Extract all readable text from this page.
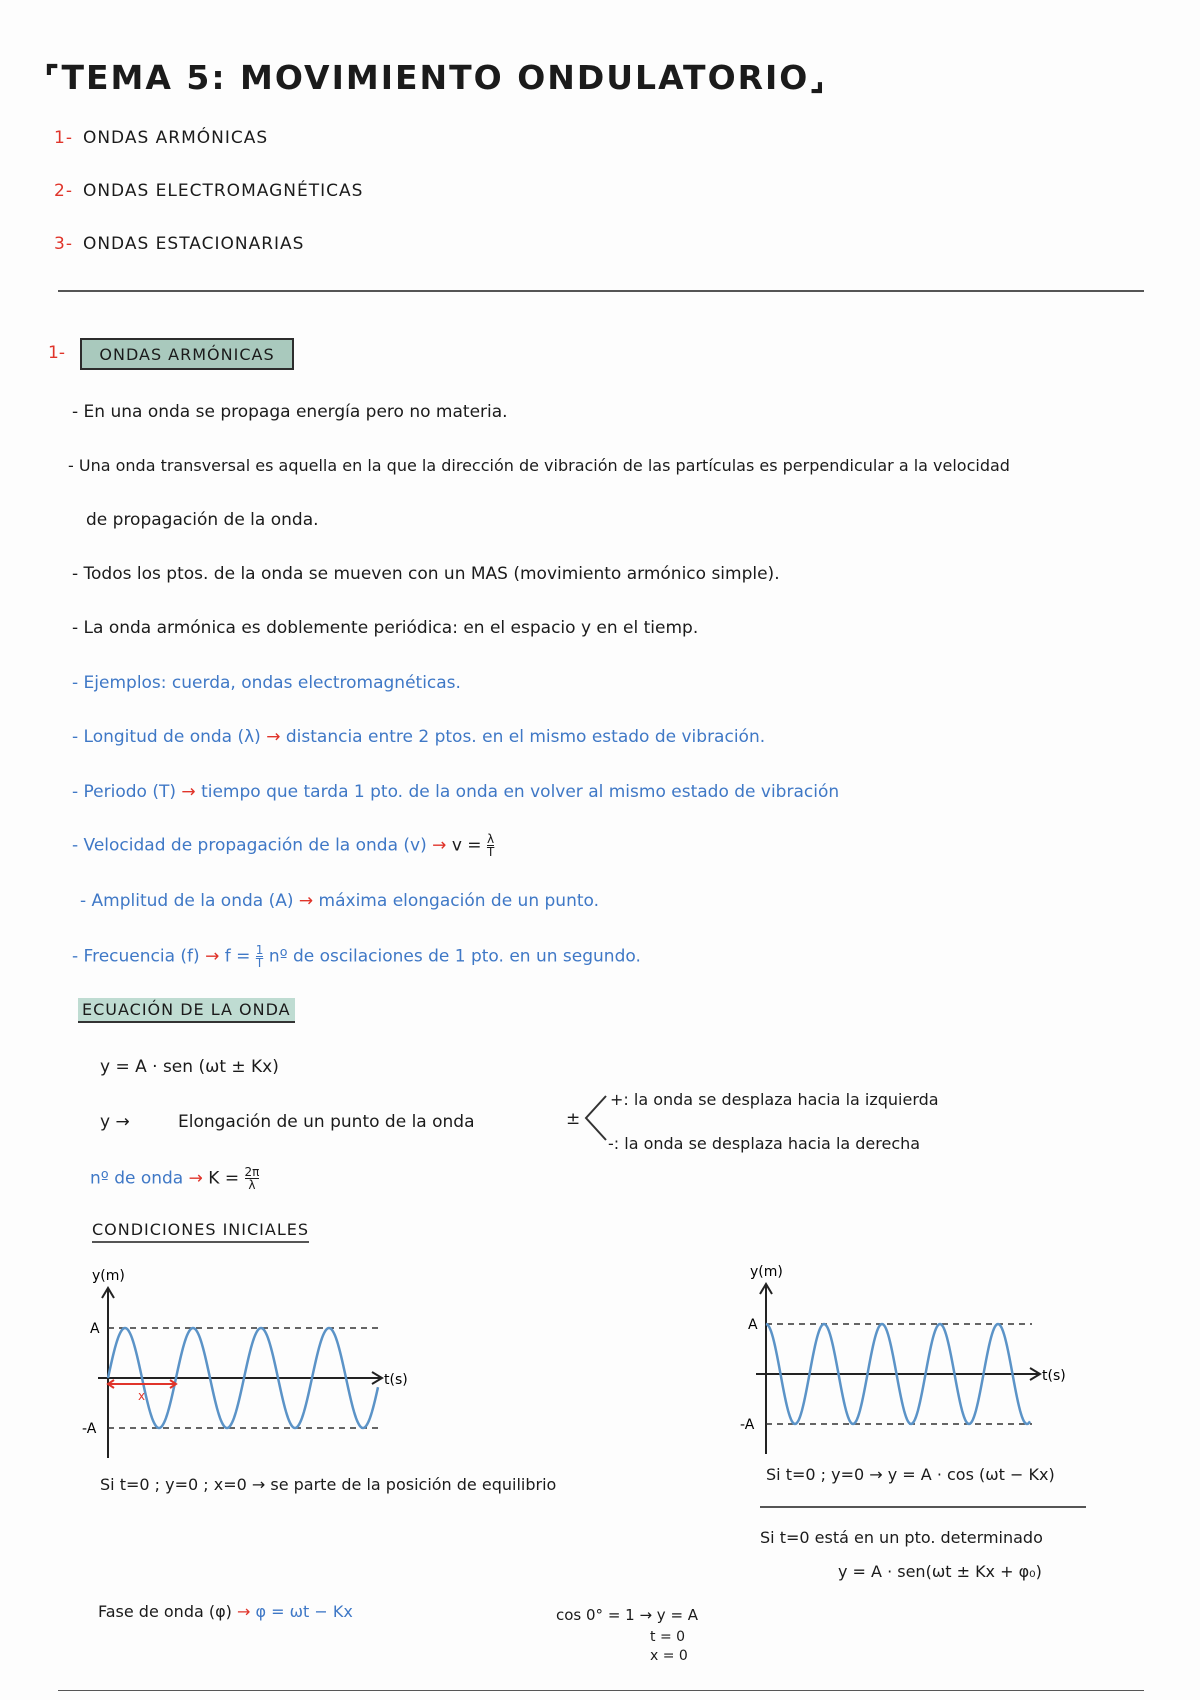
⌜TEMA 5: MOVIMIENTO ONDULATORIO⌟
1- ONDAS ARMÓNICAS
2- ONDAS ELECTROMAGNÉTICAS
3- ONDAS ESTACIONARIAS
1-	ONDAS ARMÓNICAS
- En una onda se propaga energía pero no materia.
- Una onda transversal es aquella en la que la dirección de vibración de las partículas es perpendicular a la velocidad
de propagación de la onda.
- Todos los ptos. de la onda se mueven con un MAS (movimiento armónico simple).
- La onda armónica es doblemente periódica: en el espacio y en el tiemp.
- Ejemplos: cuerda, ondas electromagnéticas.
- Longitud de onda (λ) → distancia entre 2 ptos. en el mismo estado de vibración.
- Periodo (T) → tiempo que tarda 1 pto. de la onda en volver al mismo estado de vibración
- Velocidad de propagación de la onda $(v) \to v = \frac{\lambda}{T}$
- Amplitud de la onda (A) → máxima elongación de un punto.
- Frecuencia $(f) \to f = \frac{1}{T}$ nº de oscilaciones de 1 pto. en un segundo.
ECUACIÓN DE LA ONDA
y = A · sen (ωt ± Kx)
y →	Elongación de un punto de la onda	±
+: la onda se desplaza hacia la izquierda
-: la onda se desplaza hacia la derecha
nº de onda → $K = \frac{2\pi}{\lambda}$
CONDICIONES INICIALES
y(m)
t(s)
A
-A
x
y(m)
t(s)
A
-A
Si t=0 ; y=0 ; x=0 → se parte de la posición de equilibrio
Si t=0 ; y=0 → y = A · cos (ωt − Kx)
Si t=0 está en un pto. determinado
y = A · sen(ωt ± Kx + φ₀)
Fase de onda (φ) → φ = ωt − Kx	cos 0° = 1 → y = A
t = 0
x = 0
